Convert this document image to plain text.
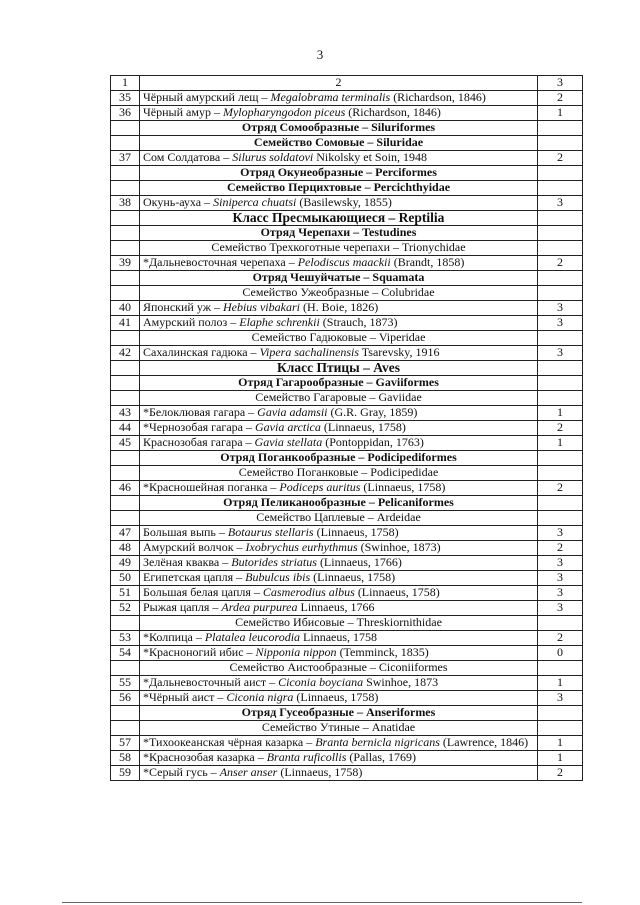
3
1	2	3
35	Чёрный амурский лещ – Megalobrama terminalis (Richardson, 1846)	2
36	Чёрный амур – Mylopharyngodon piceus (Richardson, 1846)	1
	Отряд Сомообразные – Siluriformes	
	Семейство Сомовые – Siluridae	
37	Сом Солдатова – Silurus soldatovi Nikolsky et Soin, 1948	2
	Отряд Окунеобразные – Perciformes	
	Семейство Перцихтовые – Percichthyidae	
38	Окунь-ауха – Siniperca chuatsi (Basilewsky, 1855)	3
	Класс Пресмыкающиеся – Reptilia	
	Отряд Черепахи – Testudines	
	Семейство Трехкоготные черепахи – Trionychidae	
39	*Дальневосточная черепаха – Pelodiscus maackii (Brandt, 1858)	2
	Отряд Чешуйчатые – Squamata	
	Семейство Ужеобразные – Colubridae	
40	Японский уж – Hebius vibakari (H. Boie, 1826)	3
41	Амурский полоз – Elaphe schrenkii (Strauch, 1873)	3
	Семейство Гадюковые – Viperidae	
42	Сахалинская гадюка – Vipera sachalinensis Tsarevsky, 1916	3
	Класс Птицы – Aves	
	Отряд Гагарообразные – Gaviiformes	
	Семейство Гагаровые – Gaviidae	
43	*Белоклювая гагара – Gavia adamsii (G.R. Gray, 1859)	1
44	*Чернозобая гагара – Gavia arctica (Linnaeus, 1758)	2
45	Краснозобая гагара – Gavia stellata (Pontoppidan, 1763)	1
	Отряд Поганкообразные – Podicipediformes	
	Семейство Поганковые – Podicipedidae	
46	*Красношейная поганка – Podiceps auritus (Linnaeus, 1758)	2
	Отряд Пеликанообразные – Pelicaniformes	
	Семейство Цаплевые – Ardeidae	
47	Большая выпь – Botaurus stellaris (Linnaeus, 1758)	3
48	Амурский волчок – Ixobrychus eurhythmus (Swinhoe, 1873)	2
49	Зелёная кваква – Butorides striatus (Linnaeus, 1766)	3
50	Египетская цапля – Bubulcus ibis (Linnaeus, 1758)	3
51	Большая белая цапля – Casmerodius albus (Linnaeus, 1758)	3
52	Рыжая цапля – Ardea purpurea Linnaeus, 1766	3
	Семейство Ибисовые – Threskiornithidae	
53	*Колпица – Platalea leucorodia Linnaeus, 1758	2
54	*Красноногий ибис – Nipponia nippon (Temminck, 1835)	0
	Семейство Аистообразные – Ciconiiformes	
55	*Дальневосточный аист – Ciconia boyciana Swinhoe, 1873	1
56	*Чёрный аист – Ciconia nigra (Linnaeus, 1758)	3
	Отряд Гусеобразные – Anseriformes	
	Семейство Утиные – Anatidae	
57	*Тихоокеанская чёрная казарка – Branta bernicla nigricans (Lawrence, 1846)	1
58	*Краснозобая казарка – Branta ruficollis (Pallas, 1769)	1
59	*Серый гусь – Anser anser (Linnaeus, 1758)	2
